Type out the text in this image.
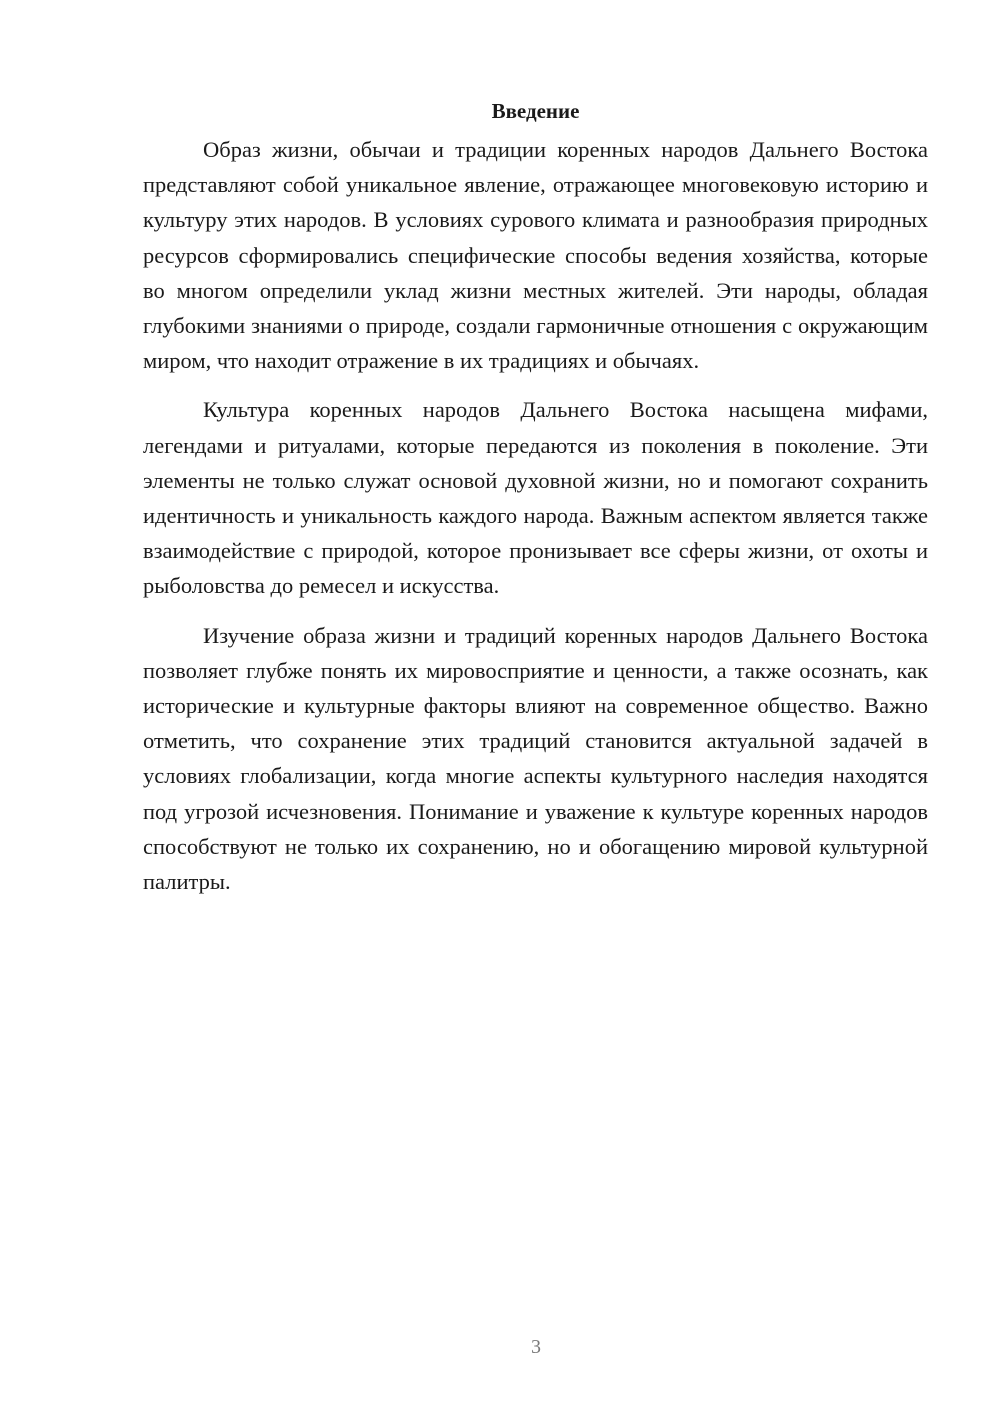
Введение

Образ жизни, обычаи и традиции коренных народов Дальнего Востока представляют собой уникальное явление, отражающее многовековую историю и культуру этих народов. В условиях сурового климата и разнообразия природных ресурсов сформировались специфические способы ведения хозяйства, которые во многом определили уклад жизни местных жителей. Эти народы, обладая глубокими знаниями о природе, создали гармоничные отношения с окружающим миром, что находит отражение в их традициях и обычаях.

Культура коренных народов Дальнего Востока насыщена мифами, легендами и ритуалами, которые передаются из поколения в поколение. Эти элементы не только служат основой духовной жизни, но и помогают сохранить идентичность и уникальность каждого народа. Важным аспектом является также взаимодействие с природой, которое пронизывает все сферы жизни, от охоты и рыболовства до ремесел и искусства.

Изучение образа жизни и традиций коренных народов Дальнего Востока позволяет глубже понять их мировосприятие и ценности, а также осознать, как исторические и культурные факторы влияют на современное общество. Важно отметить, что сохранение этих традиций становится актуальной задачей в условиях глобализации, когда многие аспекты культурного наследия находятся под угрозой исчезновения. Понимание и уважение к культуре коренных народов способствуют не только их сохранению, но и обогащению мировой культурной палитры.

3
